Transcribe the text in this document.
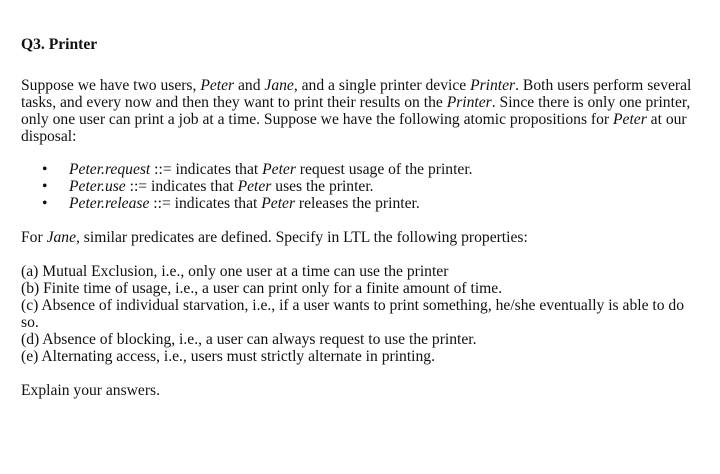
Q3. Printer

Suppose we have two users, Peter and Jane, and a single printer device Printer. Both users perform several tasks, and every now and then they want to print their results on the Printer. Since there is only one printer, only one user can print a job at a time. Suppose we have the following atomic propositions for Peter at our disposal:

• Peter.request ::= indicates that Peter request usage of the printer.
• Peter.use ::= indicates that Peter uses the printer.
• Peter.release ::= indicates that Peter releases the printer.

For Jane, similar predicates are defined. Specify in LTL the following properties:

(a) Mutual Exclusion, i.e., only one user at a time can use the printer
(b) Finite time of usage, i.e., a user can print only for a finite amount of time.
(c) Absence of individual starvation, i.e., if a user wants to print something, he/she eventually is able to do so.
(d) Absence of blocking, i.e., a user can always request to use the printer.
(e) Alternating access, i.e., users must strictly alternate in printing.

Explain your answers.
